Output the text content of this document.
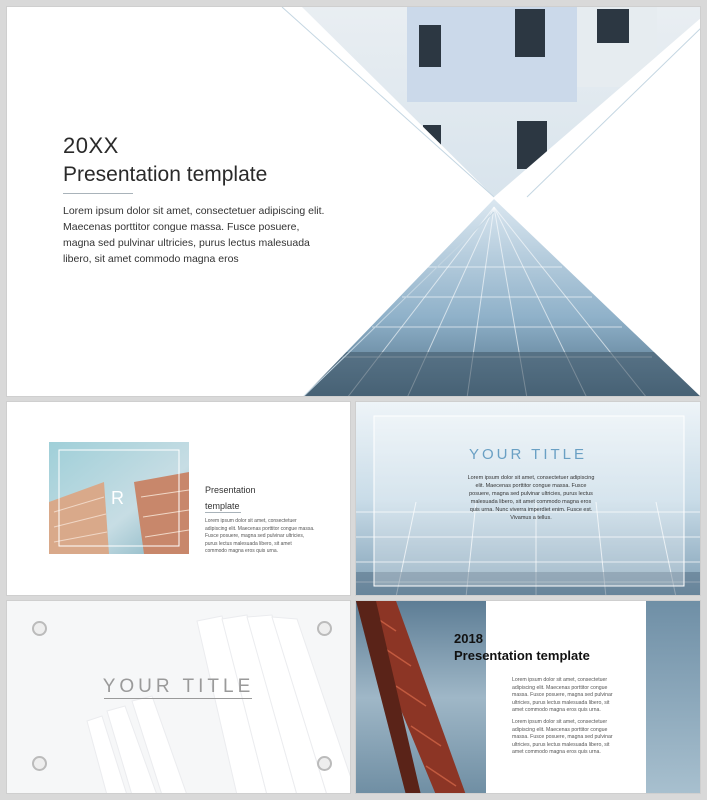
20XX
Presentation template
Lorem ipsum dolor sit amet, consectetuer adipiscing elit. Maecenas porttitor congue massa. Fusce posuere, magna sed pulvinar ultricies, purus lectus malesuada libero, sit amet commodo magna eros
R	Presentation template
Lorem ipsum dolor sit amet, consectetuer adipiscing elit. Maecenas porttitor congue massa. Fusce posuere, magna sed pulvinar ultricies, purus lectus malesuada libero, sit amet commodo magna eros quis urna.
YOUR TITLE
Lorem ipsum dolor sit amet, consectetuer adipiscing elit. Maecenas porttitor congue massa. Fusce posuere, magna sed pulvinar ultricies, purus lectus malesuada libero, sit amet commodo magna eros quis urna. Nunc viverra imperdiet enim. Fusce est. Vivamus a tellus.
YOUR TITLE
2018
Presentation template
Lorem ipsum dolor sit amet, consectetuer adipiscing elit. Maecenas porttitor congue massa. Fusce posuere, magna sed pulvinar ultricies, purus lectus malesuada libero, sit amet commodo magna eros quis urna.
Lorem ipsum dolor sit amet, consectetuer adipiscing elit. Maecenas porttitor congue massa. Fusce posuere, magna sed pulvinar ultricies, purus lectus malesuada libero, sit amet commodo magna eros quis urna.
